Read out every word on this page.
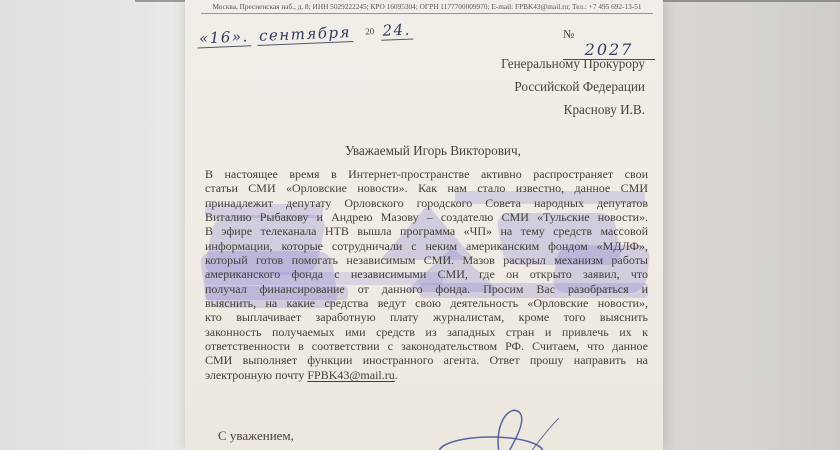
Москва, Пресненская наб., д. 8; ИНН 5029222245; КРО 16095304; ОГРН 1177700009970; E-mail: FPBK43@mail.ru; Тел.: +7 495 692-13-51
«16». сентября 20 24.	№ 2027
Генеральному Прокурору
Российской Федерации
Краснову И.В.
Уважаемый Игорь Викторович,
В настоящее время в Интернет-пространстве активно распространяет свои
статьи СМИ «Орловские новости». Как нам стало известно, данное СМИ
принадлежит депутату Орловского городского Совета народных депутатов
Виталию Рыбакову и Андрею Мазову – создателю СМИ «Тульские новости».
В эфире телеканала НТВ вышла программа «ЧП» на тему средств массовой
информации, которые сотрудничали с неким американским фондом «МДЛФ»,
который готов помогать независимым СМИ. Мазов раскрыл механизм работы
американского фонда с независимыми СМИ, где он открыто заявил, что
получал финансирование от данного фонда. Просим Вас разобраться и
выяснить, на какие средства ведут свою деятельность «Орловские новости»,
кто выплачивает заработную плату журналистам, кроме того выяснить
законность получаемых ими средств из западных стран и привлечь их к
ответственности в соответствии с законодательством РФ. Считаем, что данное
СМИ выполняет функции иностранного агента. Ответ прошу направить на
электронную почту FPBK43@mail.ru.
С уважением,
